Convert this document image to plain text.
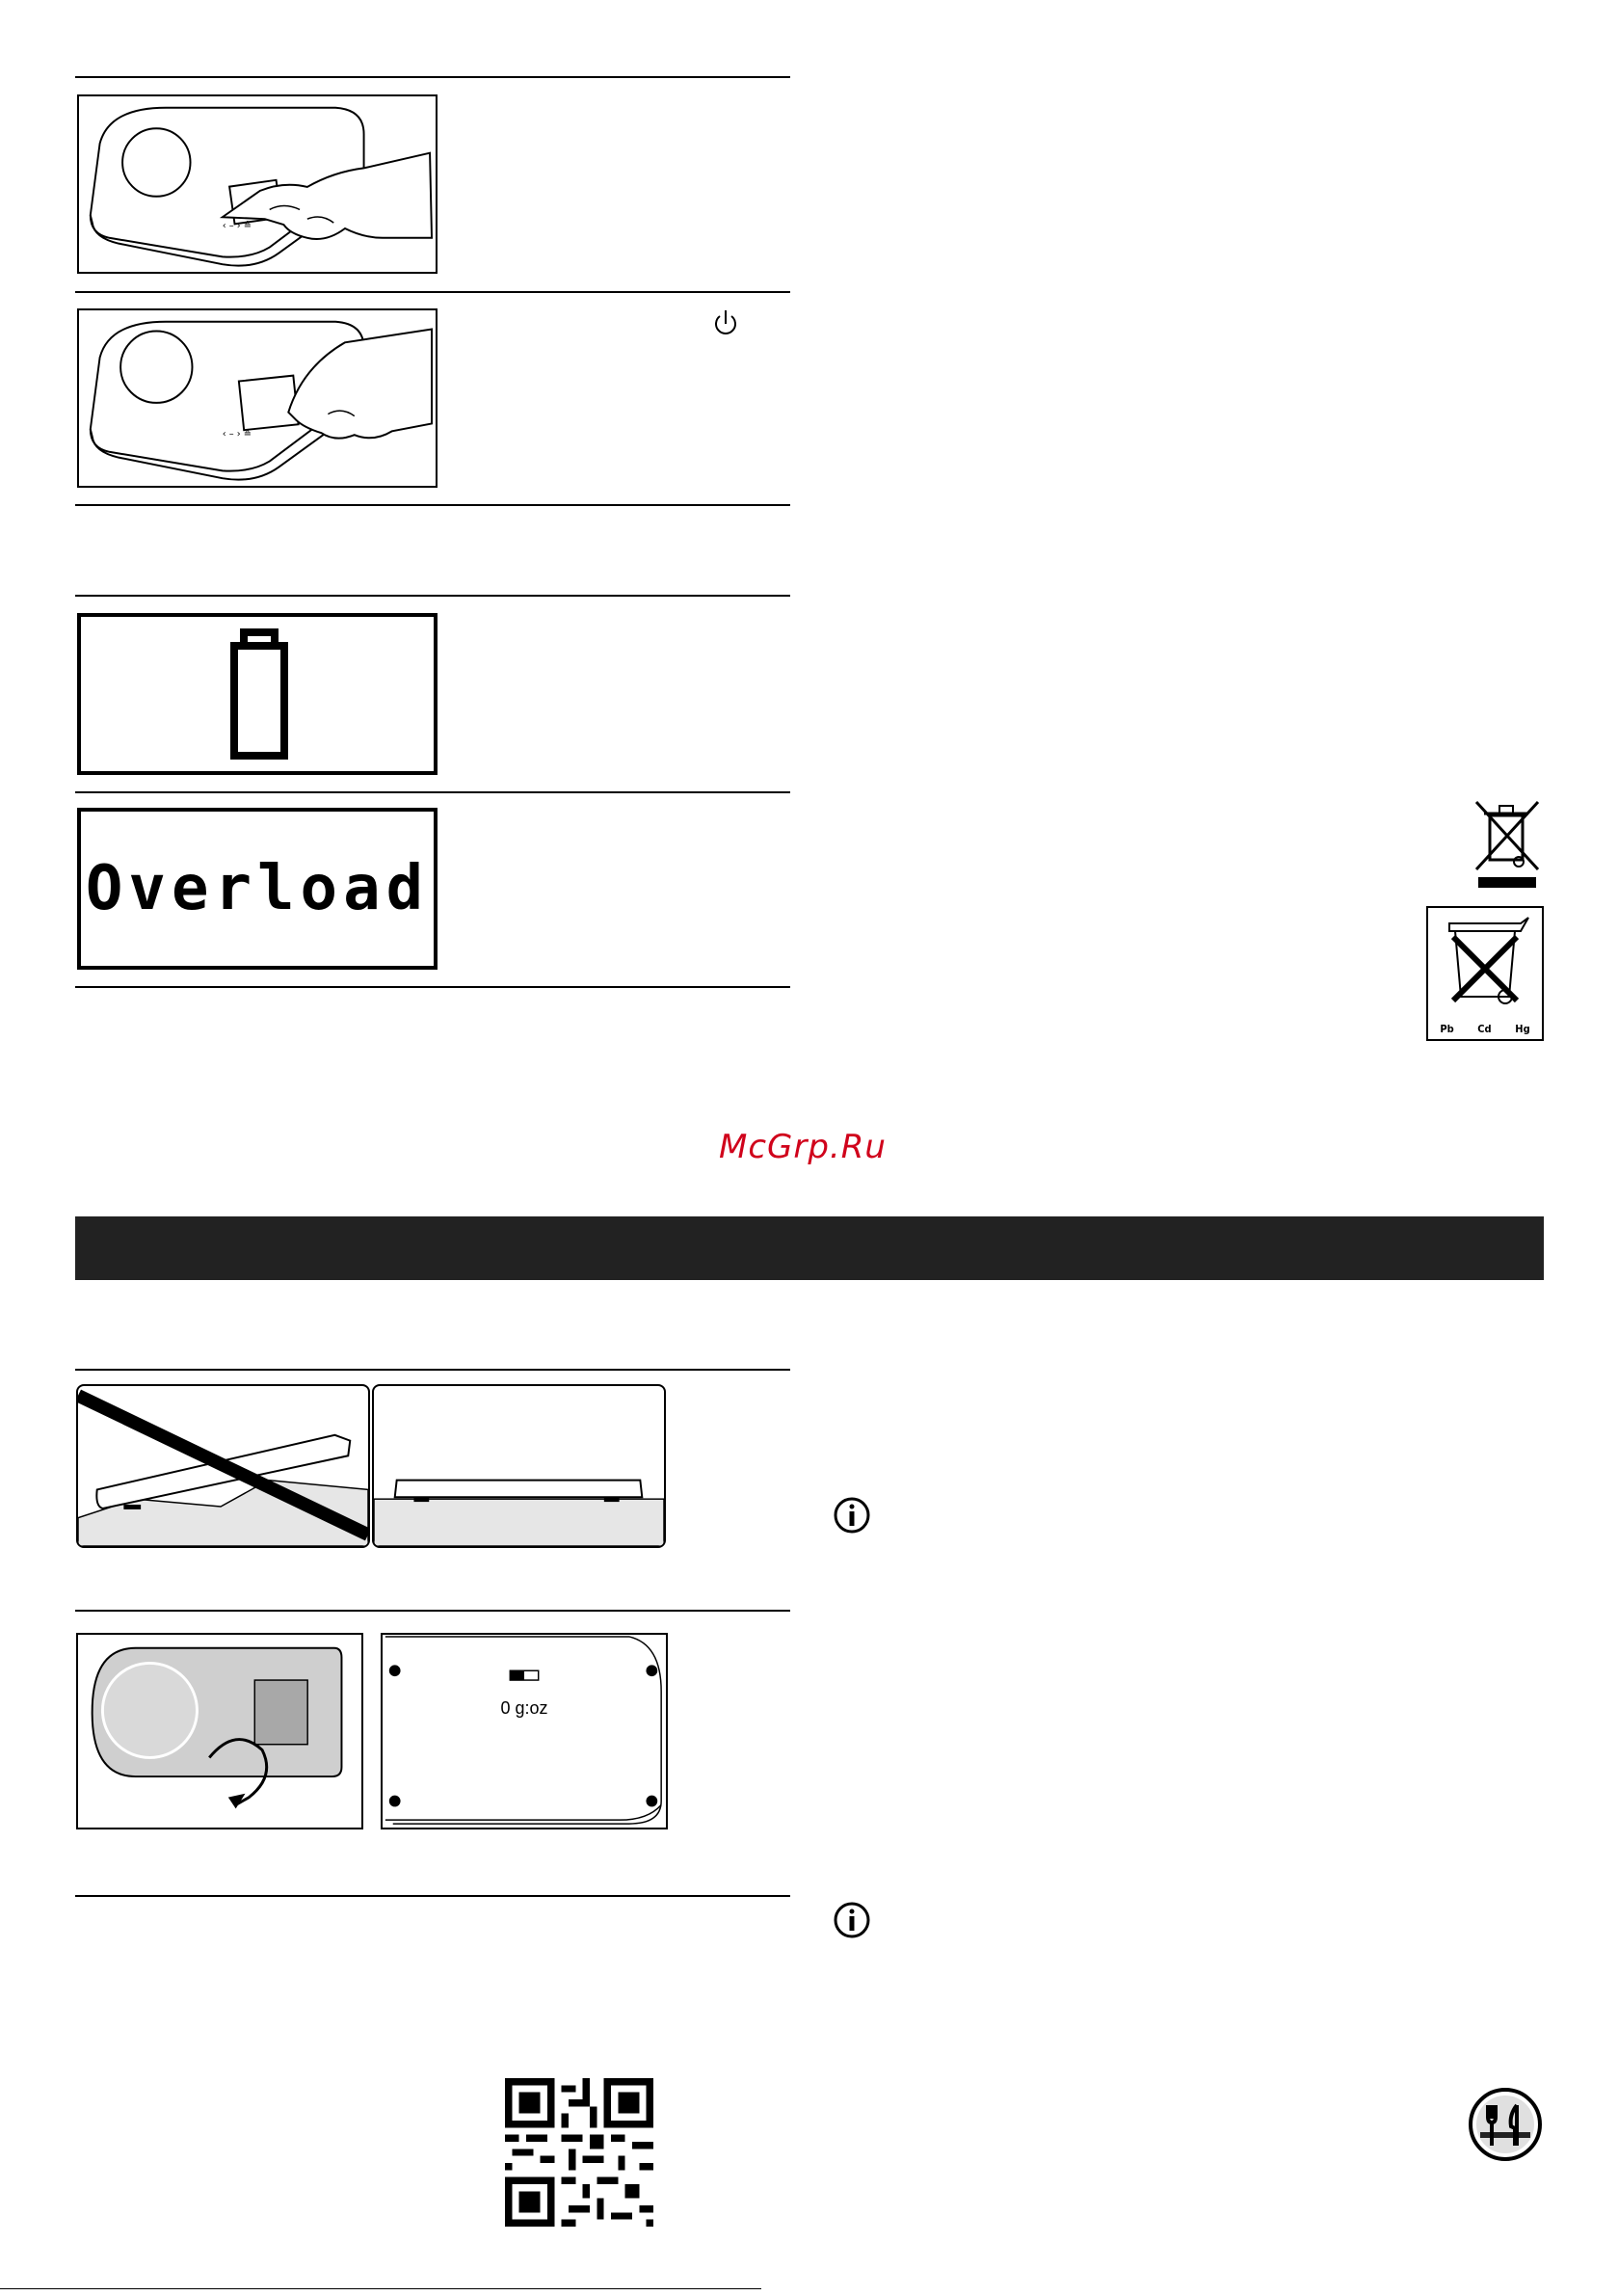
‹ – › ≙
‹ – › ≙
Overload
Pb Cd Hg
McGrp.Ru
0 g:oz
